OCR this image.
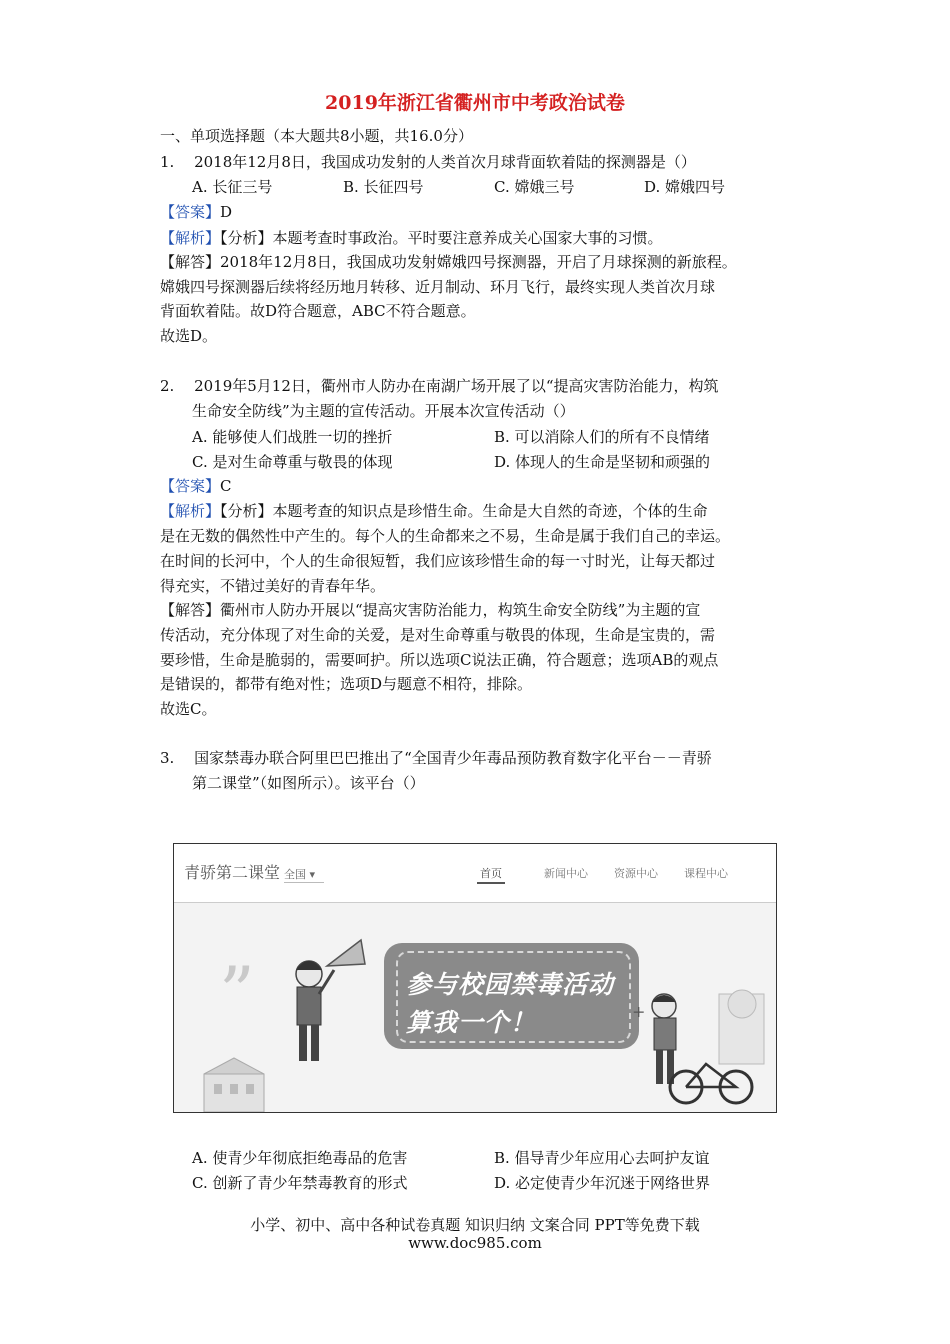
2019年浙江省衢州市中考政治试卷
一、单项选择题（本大题共8小题，共16.0分）
1.　 2018年12月8日，我国成功发射的人类首次月球背面软着陆的探测器是（）
A. 长征三号	B. 长征四号	C. 嫦娥三号	D. 嫦娥四号
【答案】D
【解析】【分析】本题考查时事政治。平时要注意养成关心国家大事的习惯。
【解答】2018年12月8日，我国成功发射嫦娥四号探测器，开启了月球探测的新旅程。
嫦娥四号探测器后续将经历地月转移、近月制动、环月飞行，最终实现人类首次月球
背面软着陆。故D符合题意，ABC不符合题意。
故选D。
2.　 2019年5月12日，衢州市人防办在南湖广场开展了以“提高灾害防治能力，构筑
生命安全防线”为主题的宣传活动。开展本次宣传活动（）
A. 能够使人们战胜一切的挫折	B. 可以消除人们的所有不良情绪
C. 是对生命尊重与敬畏的体现	D. 体现人的生命是坚韧和顽强的
【答案】C
【解析】【分析】本题考查的知识点是珍惜生命。生命是大自然的奇迹，个体的生命
是在无数的偶然性中产生的。每个人的生命都来之不易，生命是属于我们自己的幸运。
在时间的长河中，个人的生命很短暂，我们应该珍惜生命的每一寸时光，让每天都过
得充实，不错过美好的青春年华。
【解答】衢州市人防办开展以“提高灾害防治能力，构筑生命安全防线”为主题的宣
传活动，充分体现了对生命的关爱，是对生命尊重与敬畏的体现，生命是宝贵的，需
要珍惜，生命是脆弱的，需要呵护。所以选项C说法正确，符合题意；选项AB的观点
是错误的，都带有绝对性；选项D与题意不相符，排除。
故选C。
3.　 国家禁毒办联合阿里巴巴推出了“全国青少年毒品预防教育数字化平台－－青骄
第二课堂”（如图所示）。该平台（）
青骄第二课堂 全国 ▾	首页	新闻中心 资源中心 课程中心
”	参与校园禁毒活动
算我一个！	+
A. 使青少年彻底拒绝毒品的危害	B. 倡导青少年应用心去呵护友谊
C. 创新了青少年禁毒教育的形式	D. 必定使青少年沉迷于网络世界
小学、初中、高中各种试卷真题 知识归纳 文案合同 PPT等免费下载
www.doc985.com
